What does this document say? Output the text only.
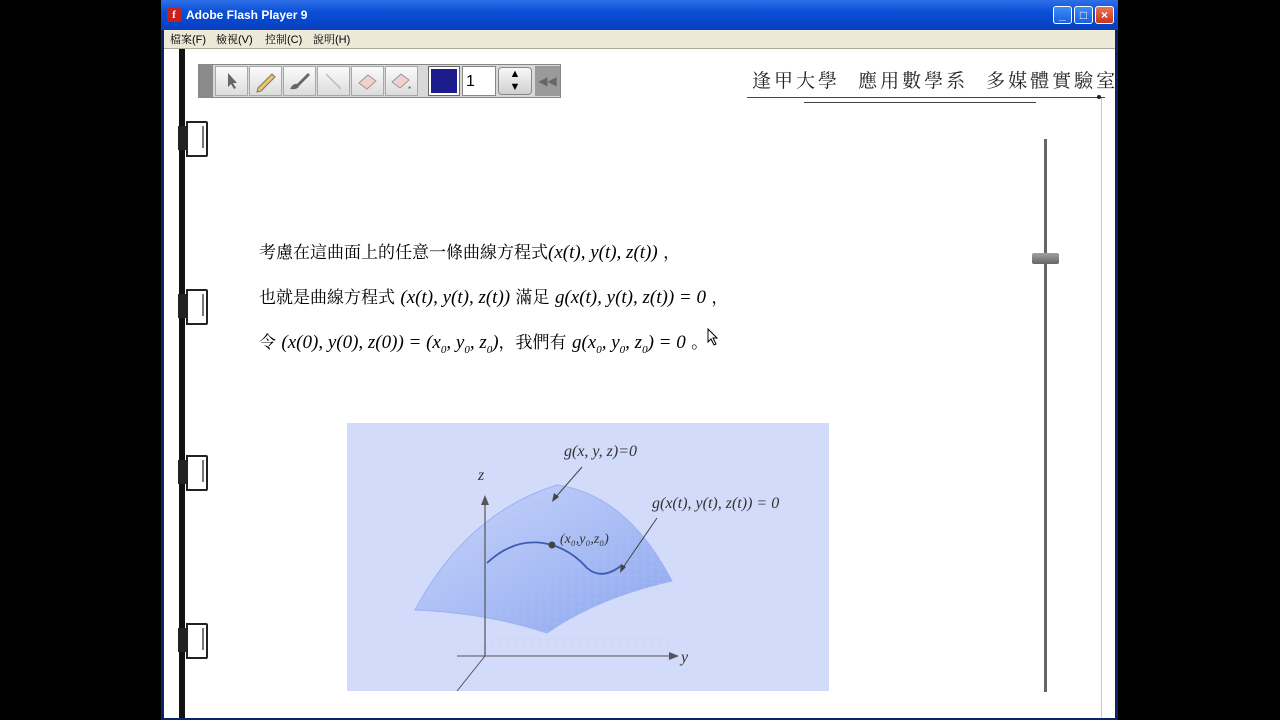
f Adobe Flash Player 9	_	□	×
檔案(F) 檢視(V) 控制(C) 說明(H)
*	1	▲
▼	◀◀	逢甲大學  應用數學系  多媒體實驗室
考慮在這曲面上的任意一條曲線方程式(x(t), y(t), z(t)) ，
也就是曲線方程式 (x(t), y(t), z(t)) 滿足 g(x(t), y(t), z(t)) = 0 ，
令 (x(0), y(0), $z(0)) = (x_0$, $y_0$, $z_0$)，我們有 $g(x_0$, $y_0$, $z_0) = 0$ 。
g(x, y, z)=0
g(x(t), y(t), z(t)) = 0
(x₀,y₀,z₀)
z
y
